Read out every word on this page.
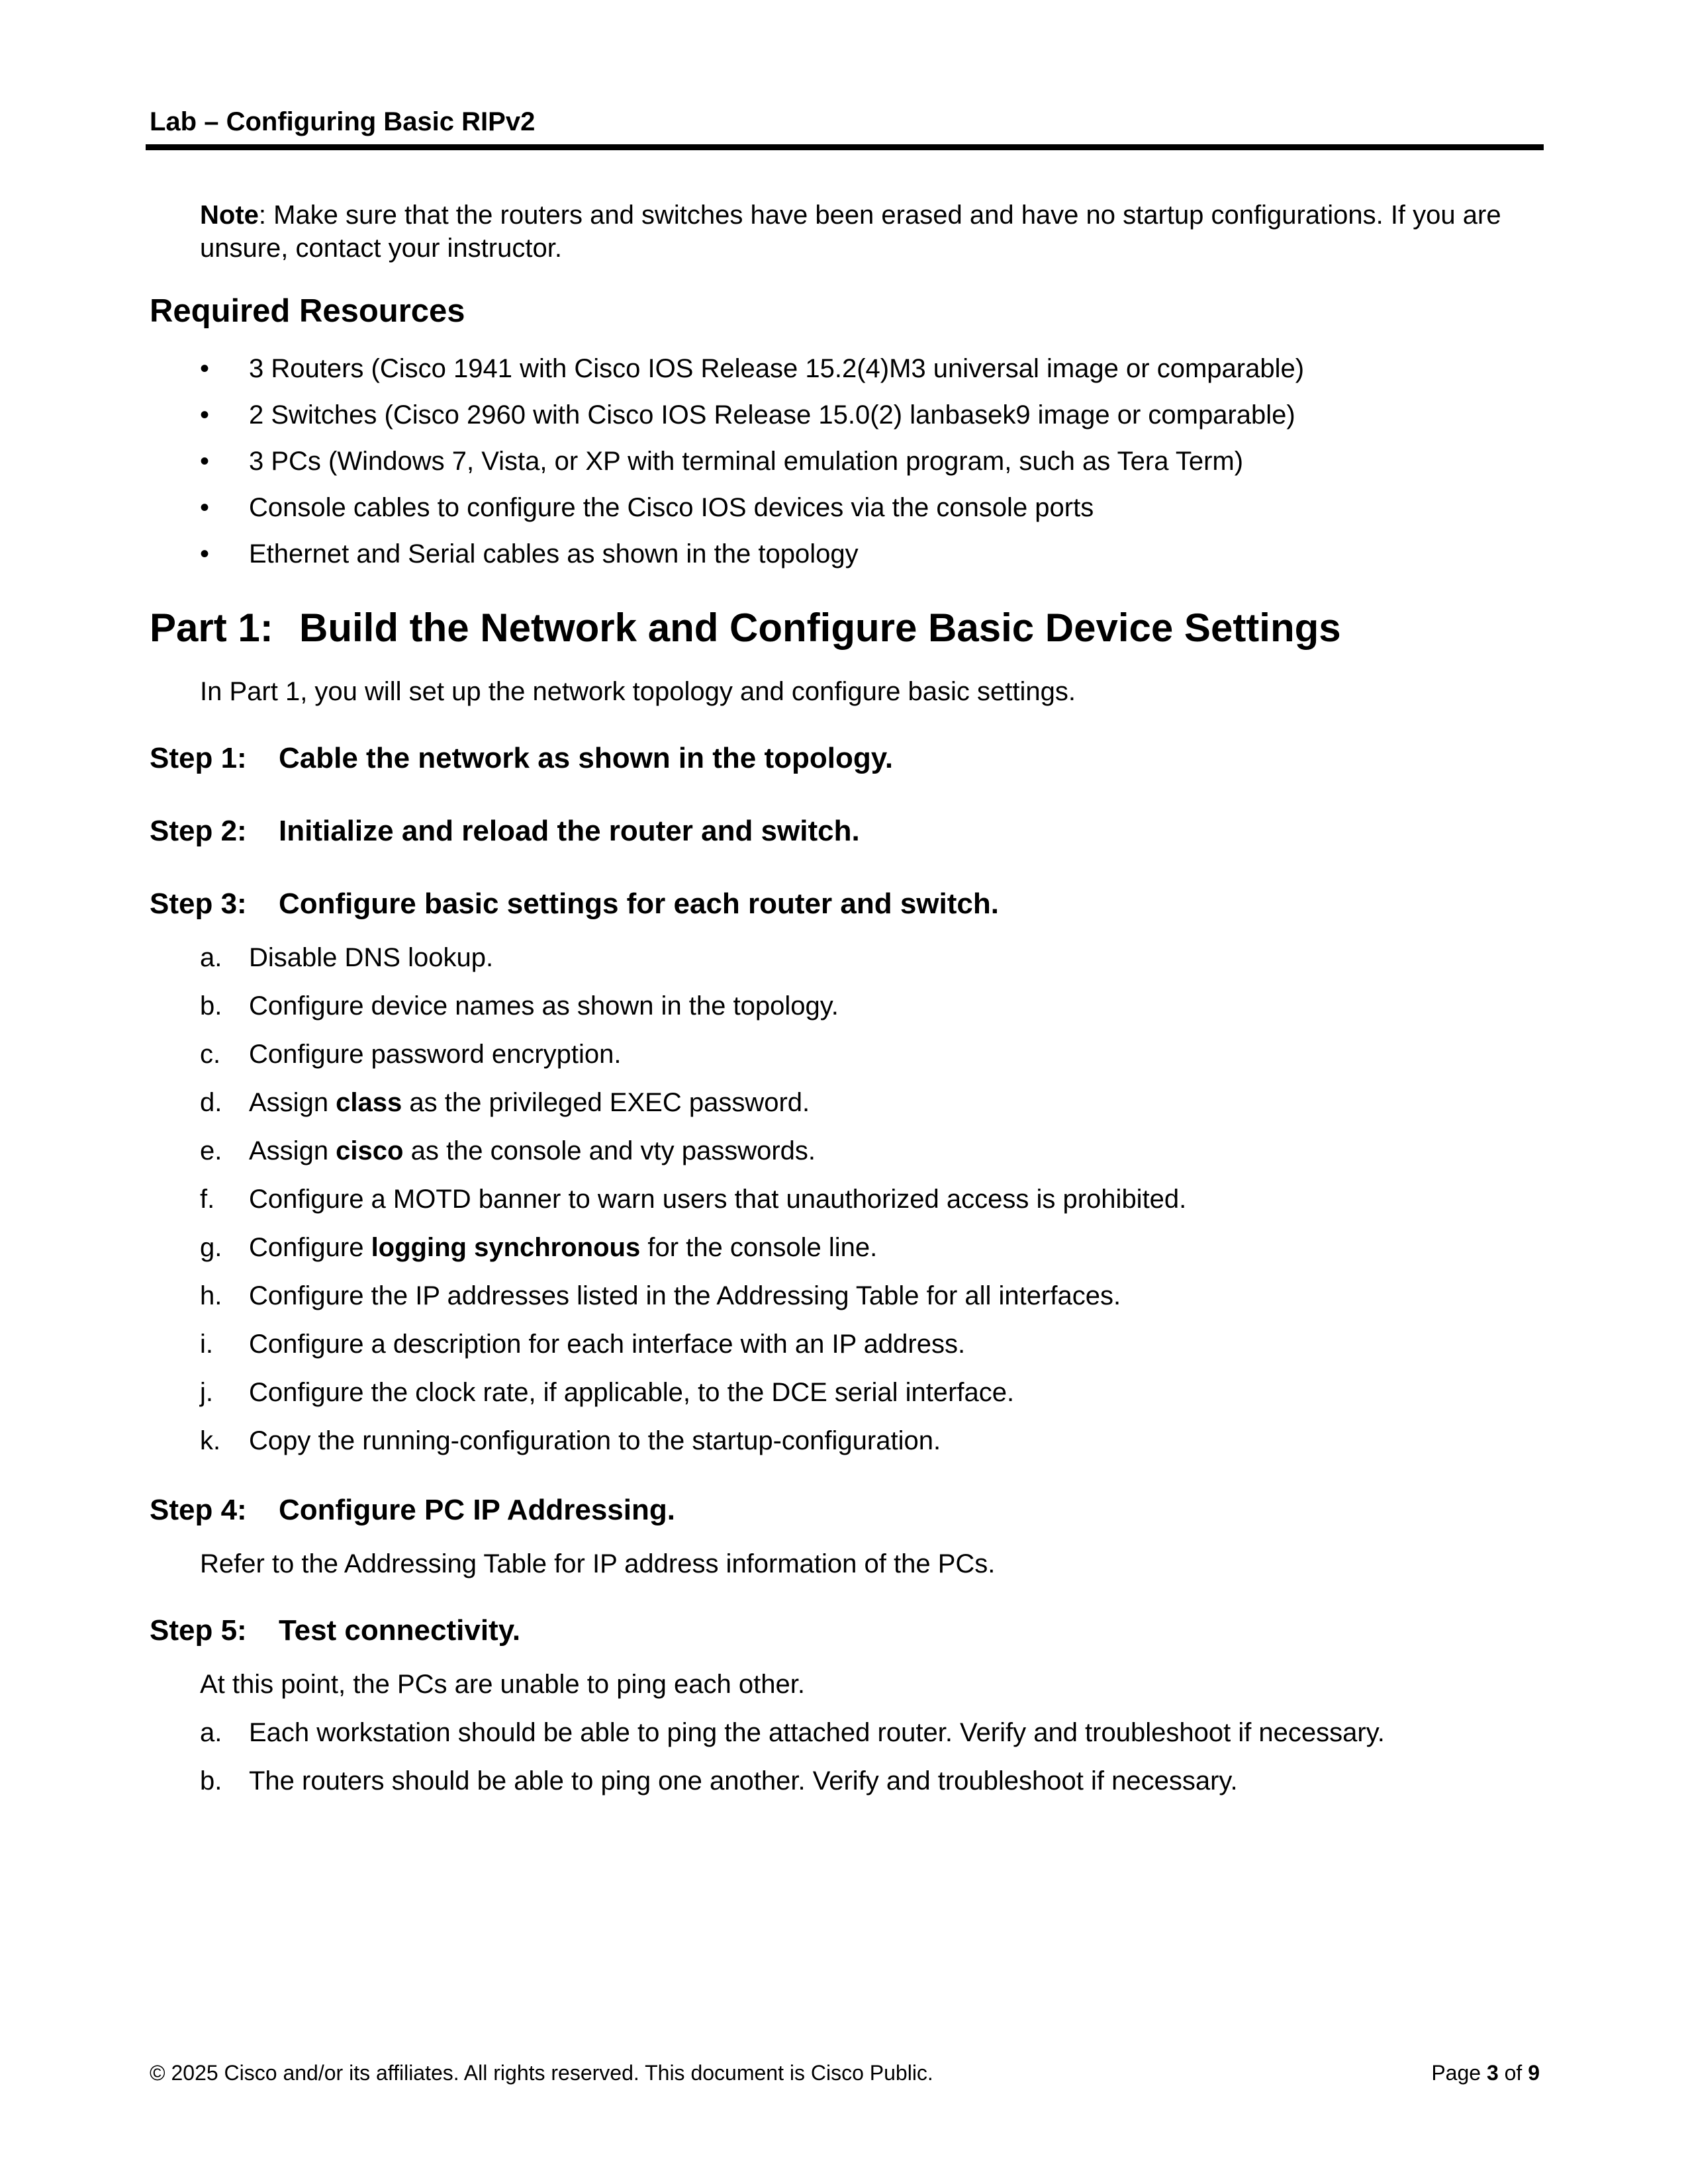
Lab – Configuring Basic RIPv2
Note: Make sure that the routers and switches have been erased and have no startup configurations. If you are unsure, contact your instructor.
Required Resources
•	3 Routers (Cisco 1941 with Cisco IOS Release 15.2(4)M3 universal image or comparable)
•	2 Switches (Cisco 2960 with Cisco IOS Release 15.0(2) lanbasek9 image or comparable)
•	3 PCs (Windows 7, Vista, or XP with terminal emulation program, such as Tera Term)
•	Console cables to configure the Cisco IOS devices via the console ports
•	Ethernet and Serial cables as shown in the topology
Part 1: Build the Network and Configure Basic Device Settings
In Part 1, you will set up the network topology and configure basic settings.
Step 1: Cable the network as shown in the topology.
Step 2: Initialize and reload the router and switch.
Step 3: Configure basic settings for each router and switch.
a. Disable DNS lookup.
b. Configure device names as shown in the topology.
c. Configure password encryption.
d. Assign class as the privileged EXEC password.
e. Assign cisco as the console and vty passwords.
f. Configure a MOTD banner to warn users that unauthorized access is prohibited.
g. Configure logging synchronous for the console line.
h. Configure the IP addresses listed in the Addressing Table for all interfaces.
i. Configure a description for each interface with an IP address.
j. Configure the clock rate, if applicable, to the DCE serial interface.
k. Copy the running-configuration to the startup-configuration.
Step 4: Configure PC IP Addressing.
Refer to the Addressing Table for IP address information of the PCs.
Step 5: Test connectivity.
At this point, the PCs are unable to ping each other.
a. Each workstation should be able to ping the attached router. Verify and troubleshoot if necessary.
b. The routers should be able to ping one another. Verify and troubleshoot if necessary.
© 2025 Cisco and/or its affiliates. All rights reserved. This document is Cisco Public.	Page 3 of 9
